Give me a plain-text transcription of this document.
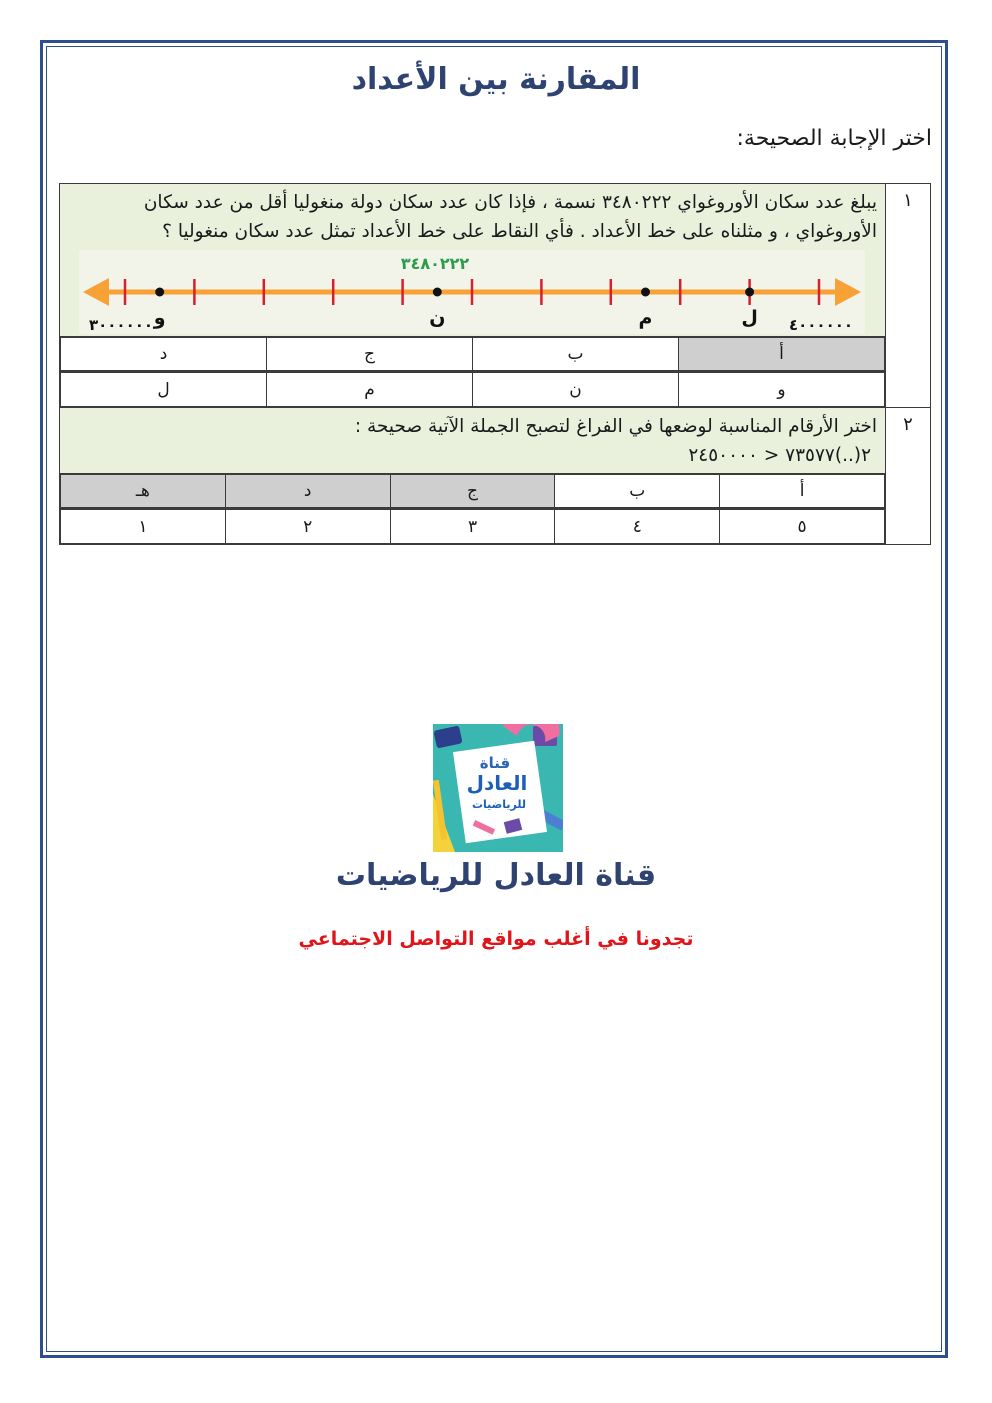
المقارنة بين الأعداد
اختر الإجابة الصحيحة:
١	
يبلغ عدد سكان الأوروغواي ٣٤٨٠٢٢٢ نسمة ، فإذا كان عدد سكان دولة منغوليا أقل من عدد سكان الأوروغواي ، و مثلناه على خط الأعداد . فأي النقاط على خط الأعداد تمثل عدد سكان منغوليا ؟
و	ن	م	ل
٣٤٨٠٢٢٢
٣٠٠٠٠٠٠	٤٠٠٠٠٠٠

أ	ب	ج	د

و	ن	م	ل

٢	
اختر الأرقام المناسبة لوضعها في الفراغ لتصبح الجملة الآتية صحيحة :
٢(..)٧٣٥٧٧ < ٢٤٥٠٠٠٠

أ	ب	ج	د	هـ

٥	٤	٣	٢	١
قناة
العادل
للرياضيات
قناة العادل للرياضيات
تجدونا في أغلب مواقع التواصل الاجتماعي
